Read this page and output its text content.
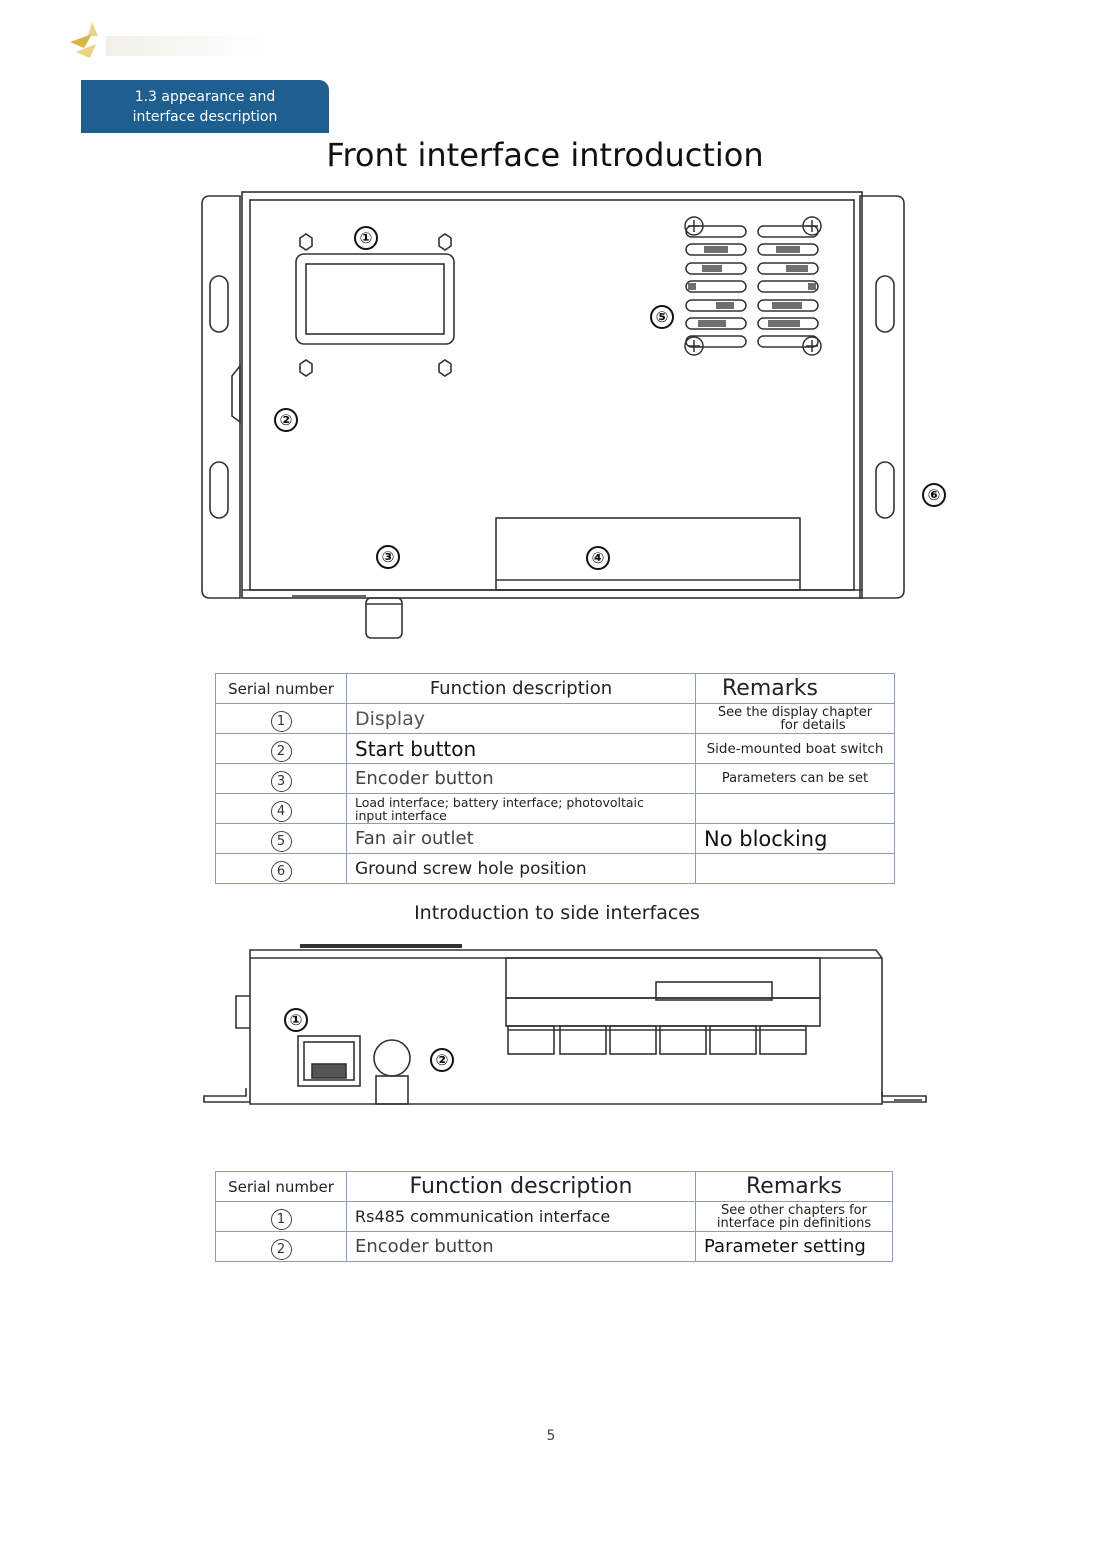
1.3 appearance and
interface description
Front interface introduction
①
②
③	④
⑤
⑥
Serial number	Function description	Remarks
1	Display	See the display chapter
for details

2	Start button	Side-mounted boat switch
3	Encoder button	Parameters can be set
4	Load interface; battery interface; photovoltaic
input interface	

5	Fan air outlet	No blocking
6	Ground screw hole position	
Introduction to side interfaces
①
②
Serial number	Function description	Remarks
1	Rs485 communication interface	See other chapters for
interface pin definitions

2	Encoder button	Parameter setting
5
